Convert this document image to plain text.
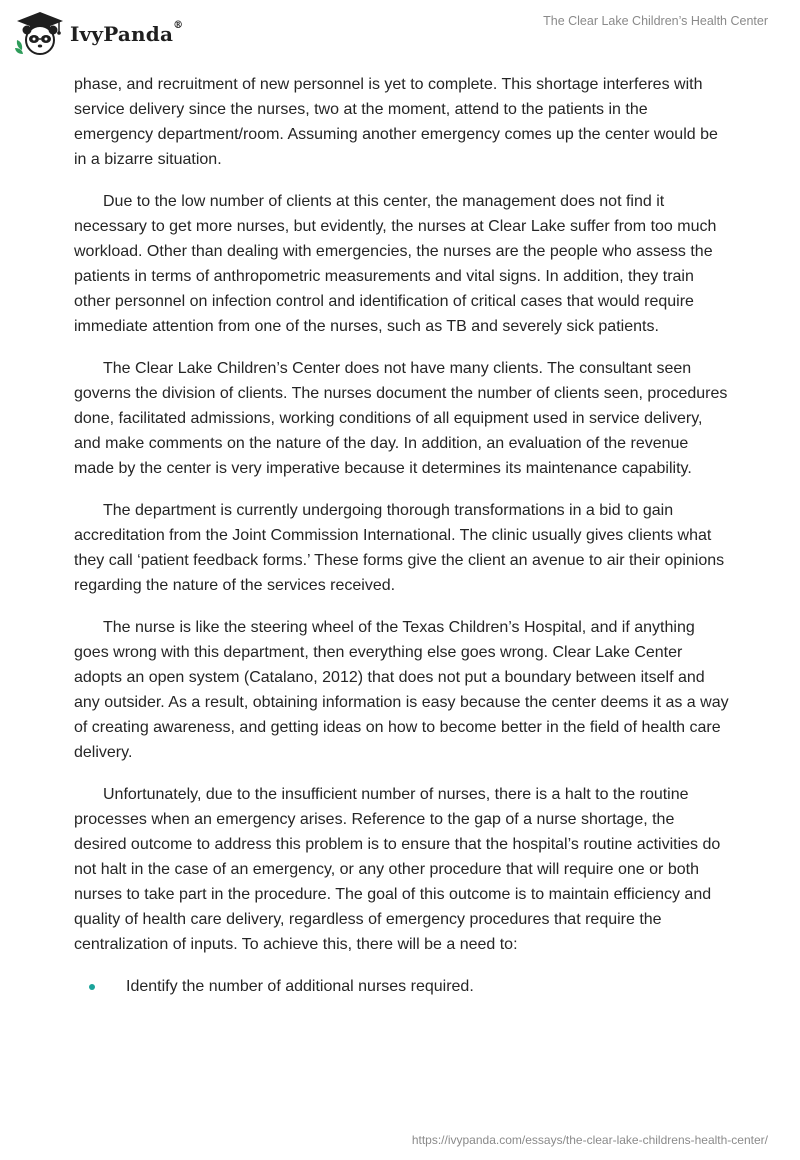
IvyPanda®	The Clear Lake Children’s Health Center

phase, and recruitment of new personnel is yet to complete. This shortage interferes with service delivery since the nurses, two at the moment, attend to the patients in the emergency department/room. Assuming another emergency comes up the center would be in a bizarre situation.

Due to the low number of clients at this center, the management does not find it necessary to get more nurses, but evidently, the nurses at Clear Lake suffer from too much workload. Other than dealing with emergencies, the nurses are the people who assess the patients in terms of anthropometric measurements and vital signs. In addition, they train other personnel on infection control and identification of critical cases that would require immediate attention from one of the nurses, such as TB and severely sick patients.

The Clear Lake Children’s Center does not have many clients. The consultant seen governs the division of clients. The nurses document the number of clients seen, procedures done, facilitated admissions, working conditions of all equipment used in service delivery, and make comments on the nature of the day. In addition, an evaluation of the revenue made by the center is very imperative because it determines its maintenance capability.

The department is currently undergoing thorough transformations in a bid to gain accreditation from the Joint Commission International. The clinic usually gives clients what they call ‘patient feedback forms.’ These forms give the client an avenue to air their opinions regarding the nature of the services received.

The nurse is like the steering wheel of the Texas Children’s Hospital, and if anything goes wrong with this department, then everything else goes wrong. Clear Lake Center adopts an open system (Catalano, 2012) that does not put a boundary between itself and any outsider. As a result, obtaining information is easy because the center deems it as a way of creating awareness, and getting ideas on how to become better in the field of health care delivery.

Unfortunately, due to the insufficient number of nurses, there is a halt to the routine processes when an emergency arises. Reference to the gap of a nurse shortage, the desired outcome to address this problem is to ensure that the hospital’s routine activities do not halt in the case of an emergency, or any other procedure that will require one or both nurses to take part in the procedure. The goal of this outcome is to maintain efficiency and quality of health care delivery, regardless of emergency procedures that require the centralization of inputs. To achieve this, there will be a need to:

Identify the number of additional nurses required.
https://ivypanda.com/essays/the-clear-lake-childrens-health-center/
